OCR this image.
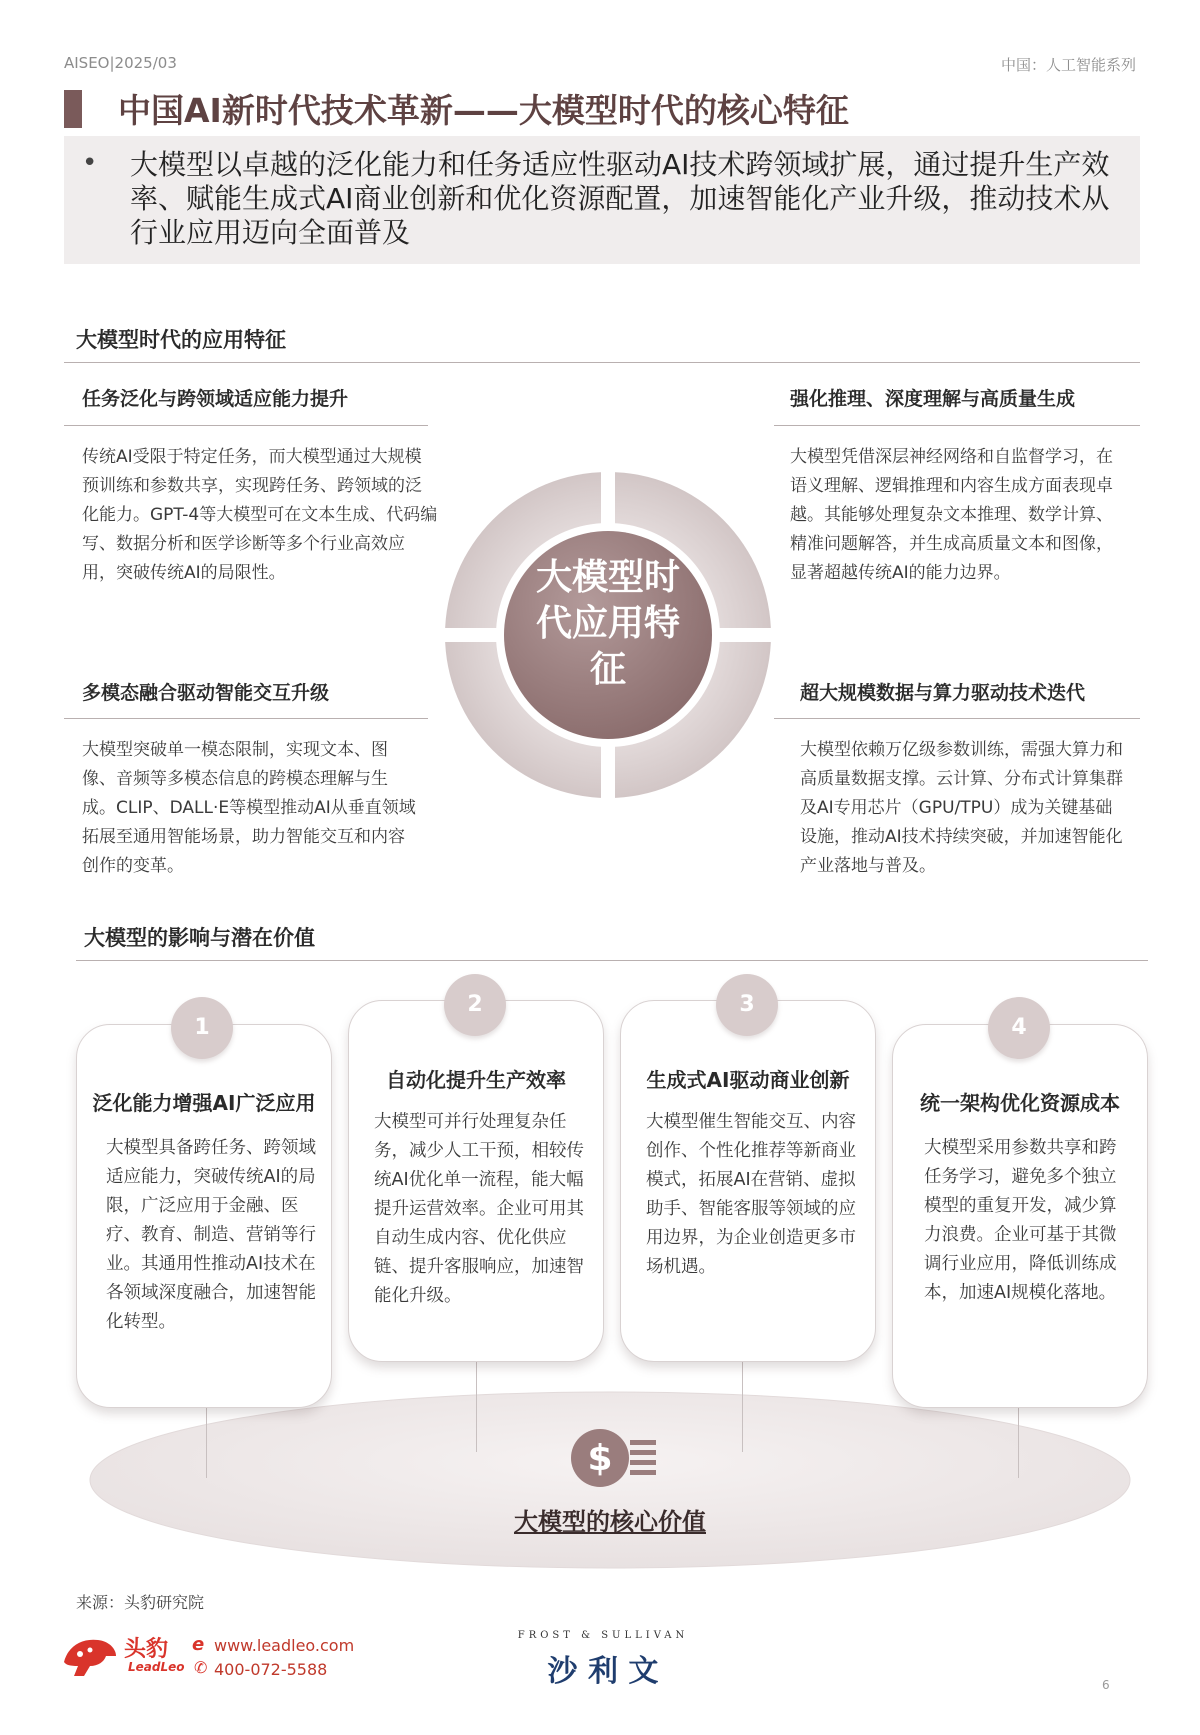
AISEO|2025/03	中国：人工智能系列
中国AI新时代技术革新——大模型时代的核心特征
• 大模型以卓越的泛化能力和任务适应性驱动AI技术跨领域扩展，通过提升生产效率、赋能生成式AI商业创新和优化资源配置，加速智能化产业升级，推动技术从行业应用迈向全面普及
大模型时代的应用特征
任务泛化与跨领域适应能力提升
传统AI受限于特定任务，而大模型通过大规模预训练和参数共享，实现跨任务、跨领域的泛化能力。GPT-4等大模型可在文本生成、代码编写、数据分析和医学诊断等多个行业高效应用，突破传统AI的局限性。
强化推理、深度理解与高质量生成
大模型凭借深层神经网络和自监督学习，在语义理解、逻辑推理和内容生成方面表现卓越。其能够处理复杂文本推理、数学计算、精准问题解答，并生成高质量文本和图像，显著超越传统AI的能力边界。
多模态融合驱动智能交互升级
大模型突破单一模态限制，实现文本、图像、音频等多模态信息的跨模态理解与生成。CLIP、DALL·E等模型推动AI从垂直领域拓展至通用智能场景，助力智能交互和内容创作的变革。
超大规模数据与算力驱动技术迭代
大模型依赖万亿级参数训练，需强大算力和高质量数据支撑。云计算、分布式计算集群及AI专用芯片（GPU/TPU）成为关键基础设施，推动AI技术持续突破，并加速智能化产业落地与普及。
大模型时代应用特征
大模型的影响与潜在价值
1
泛化能力增强AI广泛应用
大模型具备跨任务、跨领域适应能力，突破传统AI的局限，广泛应用于金融、医疗、教育、制造、营销等行业。其通用性推动AI技术在各领域深度融合，加速智能化转型。
2
自动化提升生产效率
大模型可并行处理复杂任务，减少人工干预，相较传统AI优化单一流程，能大幅提升运营效率。企业可用其自动生成内容、优化供应链、提升客服响应，加速智能化升级。
3
生成式AI驱动商业创新
大模型催生智能交互、内容创作、个性化推荐等新商业模式，拓展AI在营销、虚拟助手、智能客服等领域的应用边界，为企业创造更多市场机遇。
4
统一架构优化资源成本
大模型采用参数共享和跨任务学习，避免多个独立模型的重复开发，减少算力浪费。企业可基于其微调行业应用，降低训练成本，加速AI规模化落地。
$
大模型的核心价值
来源：头豹研究院
头豹
LeadLeo
e www.leadleo.com
✆ 400-072-5588
FROST & SULLIVAN
沙 利 文	6
